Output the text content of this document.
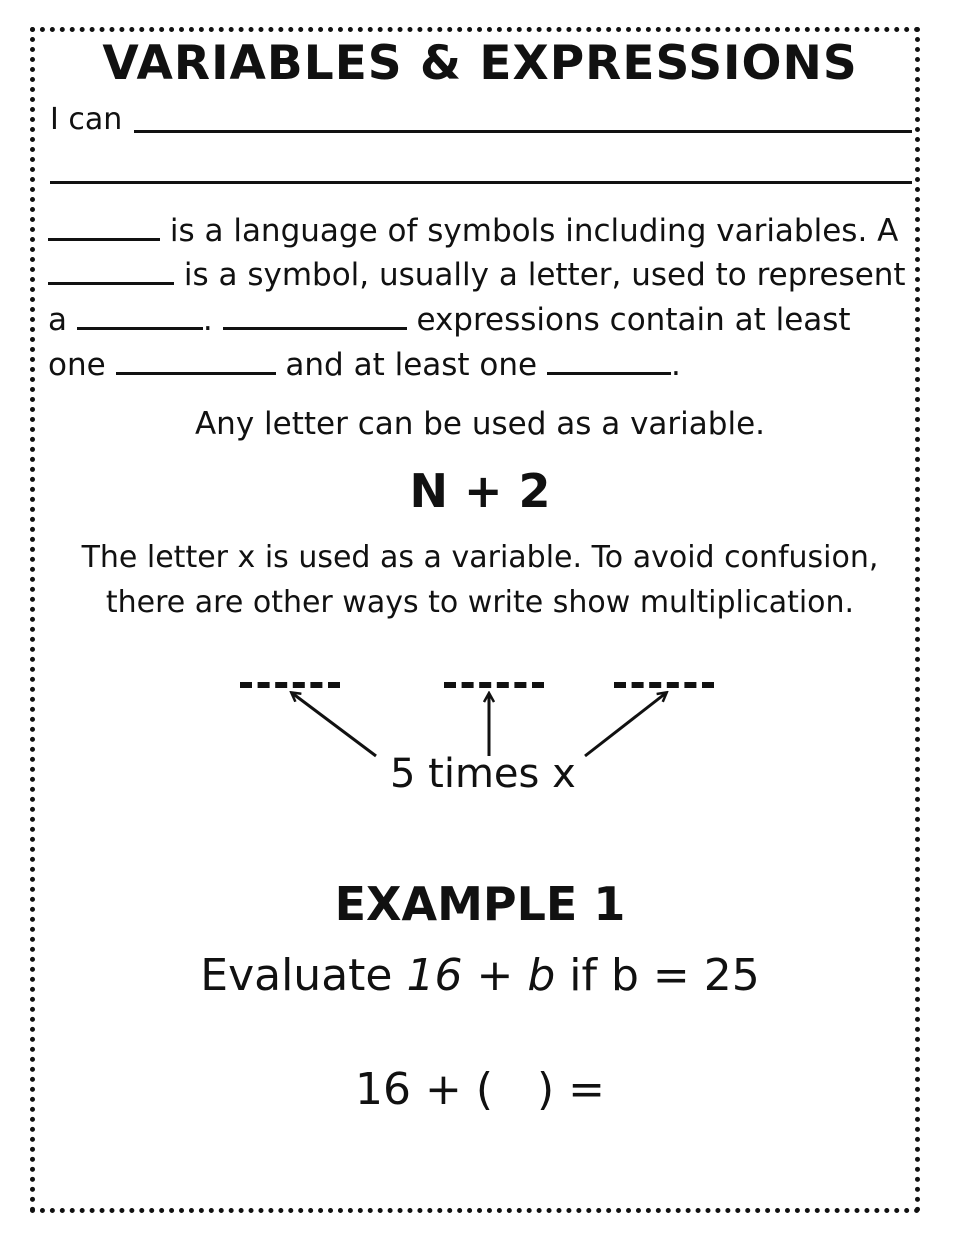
VARIABLES & EXPRESSIONS
I can
is a language of symbols including variables. A
is a symbol, usually a letter, used to represent
a	.	expressions contain at least
one	and at least one	.
Any letter can be used as a variable.
N + 2
The letter x is used as a variable. To avoid confusion,
there are other ways to write show multiplication.
5 times x
EXAMPLE 1
Evaluate 16 + b if b = 25
16 + ( ) =
